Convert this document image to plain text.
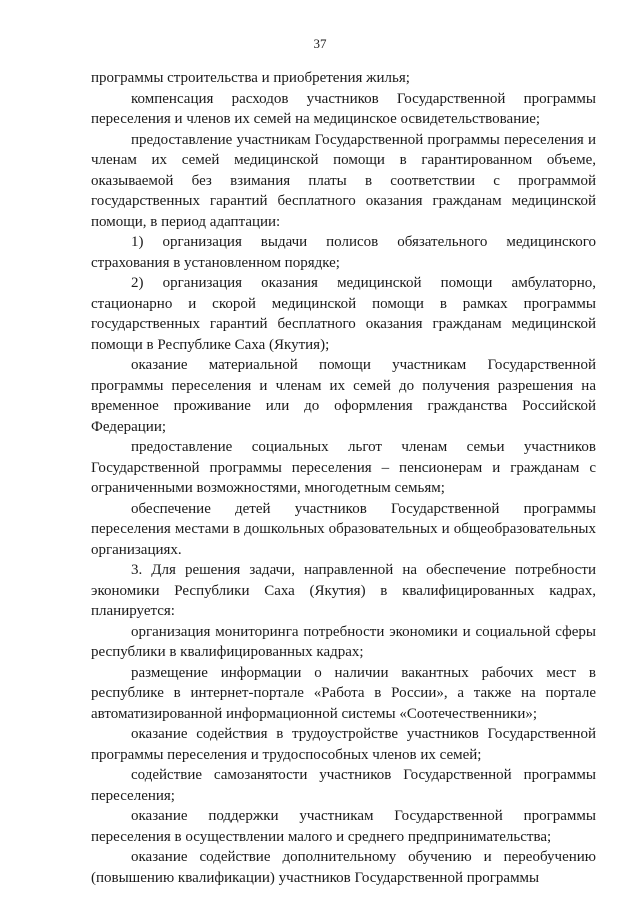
37

программы строительства и приобретения жилья;

компенсация расходов участников Государственной программы переселения и членов их семей на медицинское освидетельствование;

предоставление участникам Государственной программы переселения и членам их семей медицинской помощи в гарантированном объеме, оказываемой без взимания платы в соответствии с программой государственных гарантий бесплатного оказания гражданам медицинской помощи, в период адаптации:

1) организация выдачи полисов обязательного медицинского страхования в установленном порядке;

2) организация оказания медицинской помощи амбулаторно, стационарно и скорой медицинской помощи в рамках программы государственных гарантий бесплатного оказания гражданам медицинской помощи в Республике Саха (Якутия);

оказание материальной помощи участникам Государственной программы переселения и членам их семей до получения разрешения на временное проживание или до оформления гражданства Российской Федерации;

предоставление социальных льгот членам семьи участников Государственной программы переселения – пенсионерам и гражданам с ограниченными возможностями, многодетным семьям;

обеспечение детей участников Государственной программы переселения местами в дошкольных образовательных и общеобразовательных организациях.

3. Для решения задачи, направленной на обеспечение потребности экономики Республики Саха (Якутия) в квалифицированных кадрах, планируется:

организация мониторинга потребности экономики и социальной сферы республики в квалифицированных кадрах;

размещение информации о наличии вакантных рабочих мест в республике в интернет-портале «Работа в России», а также на портале автоматизированной информационной системы «Соотечественники»;

оказание содействия в трудоустройстве участников Государственной программы переселения и трудоспособных членов их семей;

содействие самозанятости участников Государственной программы переселения;

оказание поддержки участникам Государственной программы переселения в осуществлении малого и среднего предпринимательства;

оказание содействие дополнительному обучению и переобучению (повышению квалификации) участников Государственной программы
